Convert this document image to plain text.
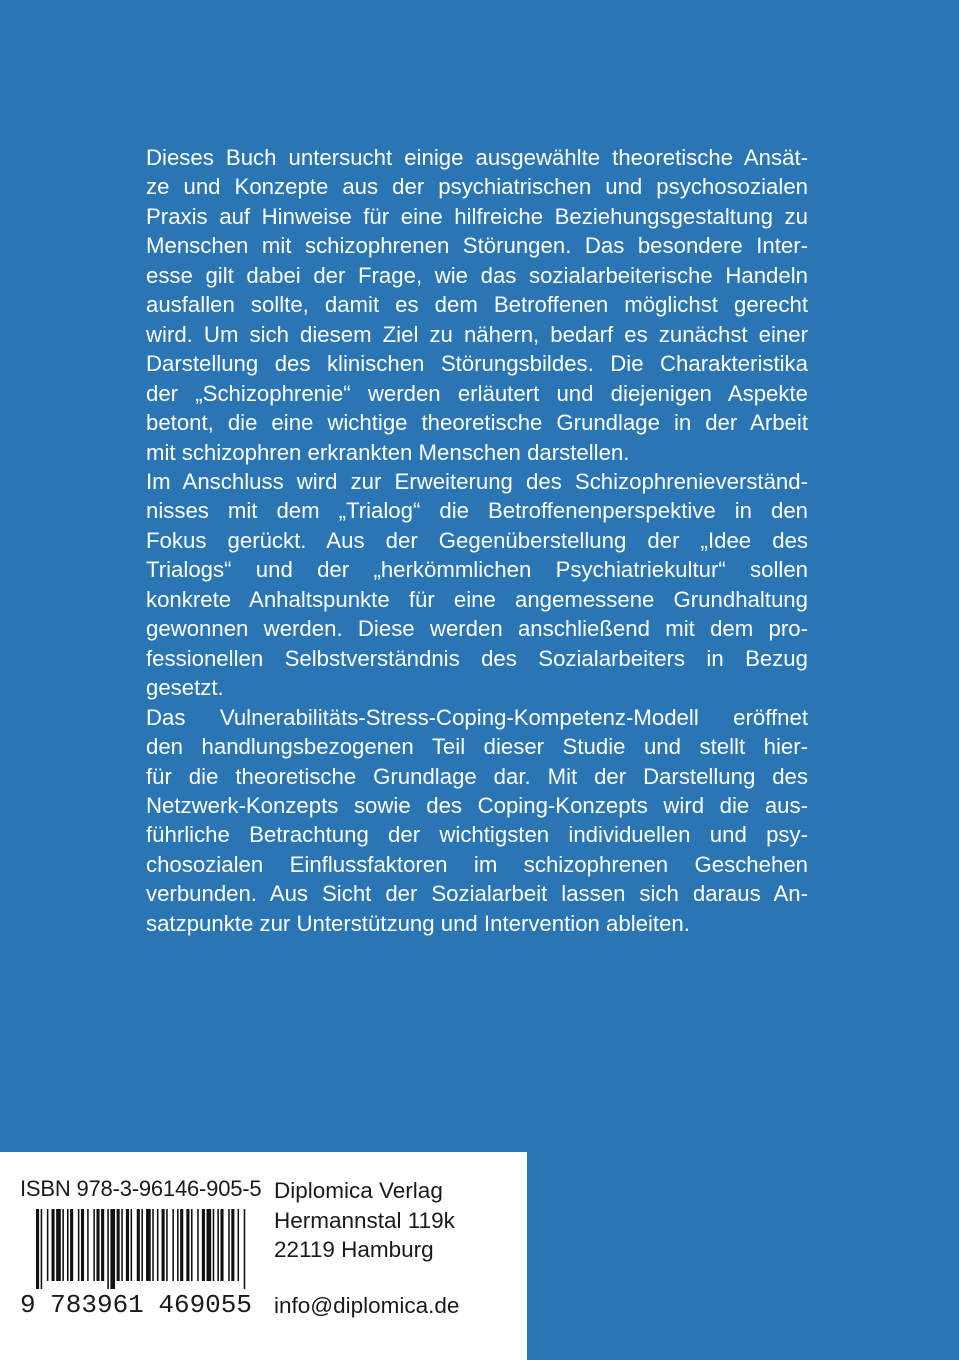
Dieses Buch untersucht einige ausgewählte theoretische Ansät-
ze und Konzepte aus der psychiatrischen und psychosozialen
Praxis auf Hinweise für eine hilfreiche Beziehungsgestaltung zu
Menschen mit schizophrenen Störungen. Das besondere Inter-
esse gilt dabei der Frage, wie das sozialarbeiterische Handeln
ausfallen sollte, damit es dem Betroffenen möglichst gerecht
wird. Um sich diesem Ziel zu nähern, bedarf es zunächst einer
Darstellung des klinischen Störungsbildes. Die Charakteristika
der „Schizophrenie“ werden erläutert und diejenigen Aspekte
betont, die eine wichtige theoretische Grundlage in der Arbeit
mit schizophren erkrankten Menschen darstellen.
Im Anschluss wird zur Erweiterung des Schizophrenieverständ-
nisses mit dem „Trialog“ die Betroffenenperspektive in den
Fokus gerückt. Aus der Gegenüberstellung der „Idee des
Trialogs“ und der „herkömmlichen Psychiatriekultur“ sollen
konkrete Anhaltspunkte für eine angemessene Grundhaltung
gewonnen werden. Diese werden anschließend mit dem pro-
fessionellen Selbstverständnis des Sozialarbeiters in Bezug
gesetzt.
Das Vulnerabilitäts-Stress-Coping-Kompetenz-Modell eröffnet
den handlungsbezogenen Teil dieser Studie und stellt hier-
für die theoretische Grundlage dar. Mit der Darstellung des
Netzwerk-Konzepts sowie des Coping-Konzepts wird die aus-
führliche Betrachtung der wichtigsten individuellen und psy-
chosozialen Einflussfaktoren im schizophrenen Geschehen
verbunden. Aus Sicht der Sozialarbeit lassen sich daraus An-
satzpunkte zur Unterstützung und Intervention ableiten.
ISBN 978-3-96146-905-5
9 783961 469055
Diplomica Verlag
Hermannstal 119k
22119 Hamburg
info@diplomica.de
